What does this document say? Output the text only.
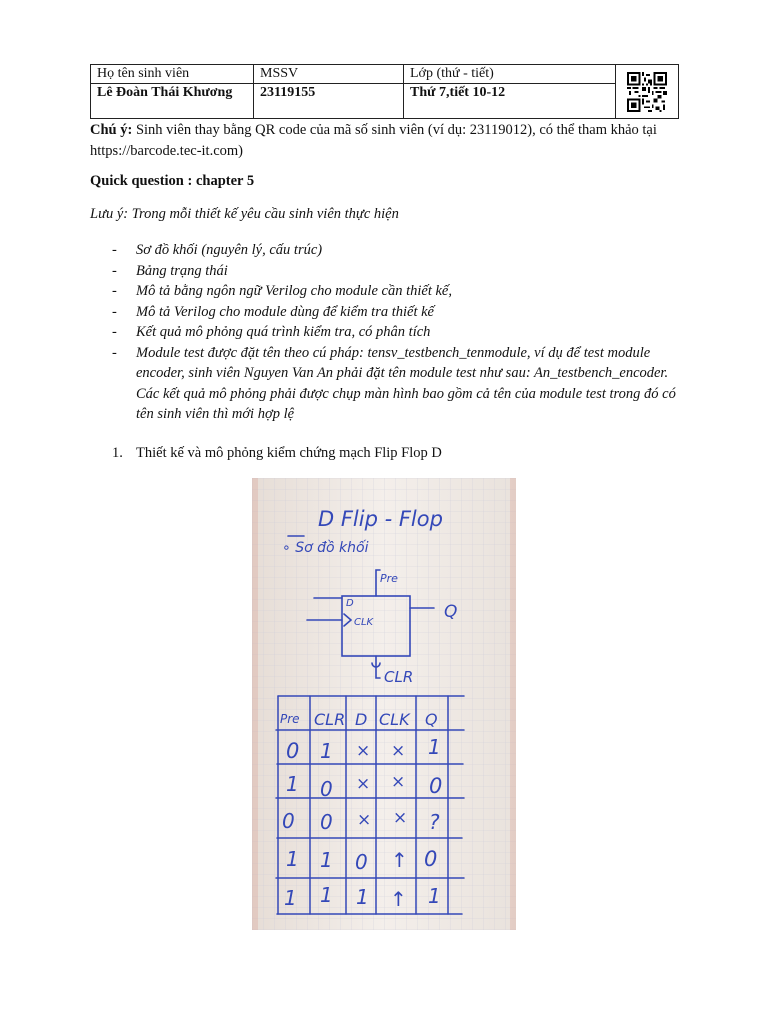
Họ tên sinh viên	MSSV	Lớp (thứ - tiết)	

Lê Đoàn Thái Khương	23119155	Thứ 7,tiết 10-12	
Chú ý: Sinh viên thay bằng QR code của mã số sinh viên (ví dụ: 23119012), có thể tham khảo tại https://barcode.tec-it.com)
Quick question : chapter 5
Lưu ý: Trong mỗi thiết kế yêu cầu sinh viên thực hiện
- Sơ đồ khối (nguyên lý, cấu trúc)
- Bảng trạng thái
- Mô tả bằng ngôn ngữ Verilog cho module cần thiết kế,
- Mô tả Verilog cho module dùng để kiểm tra thiết kế
- Kết quả mô phỏng quá trình kiểm tra, có phân tích
- Module test được đặt tên theo cú pháp: tensv_testbench_tenmodule, ví dụ để test module encoder, sinh viên Nguyen Van An phải đặt tên module test như sau: An_testbench_encoder. Các kết quả mô phỏng phải được chụp màn hình bao gồm cả tên của module test trong đó có tên sinh viên thì mới hợp lệ
1. Thiết kế và mô phỏng kiểm chứng mạch Flip Flop D
D Flip - Flop
∘ Sơ đồ khối
Pre
D
CLK
Q
CLR
Pre CLR D CLK Q
0 1 × × 1
1 0 × × 0
0 0 × × ?
1 1 0 ↑ 0
1 1 1 ↑ 1
